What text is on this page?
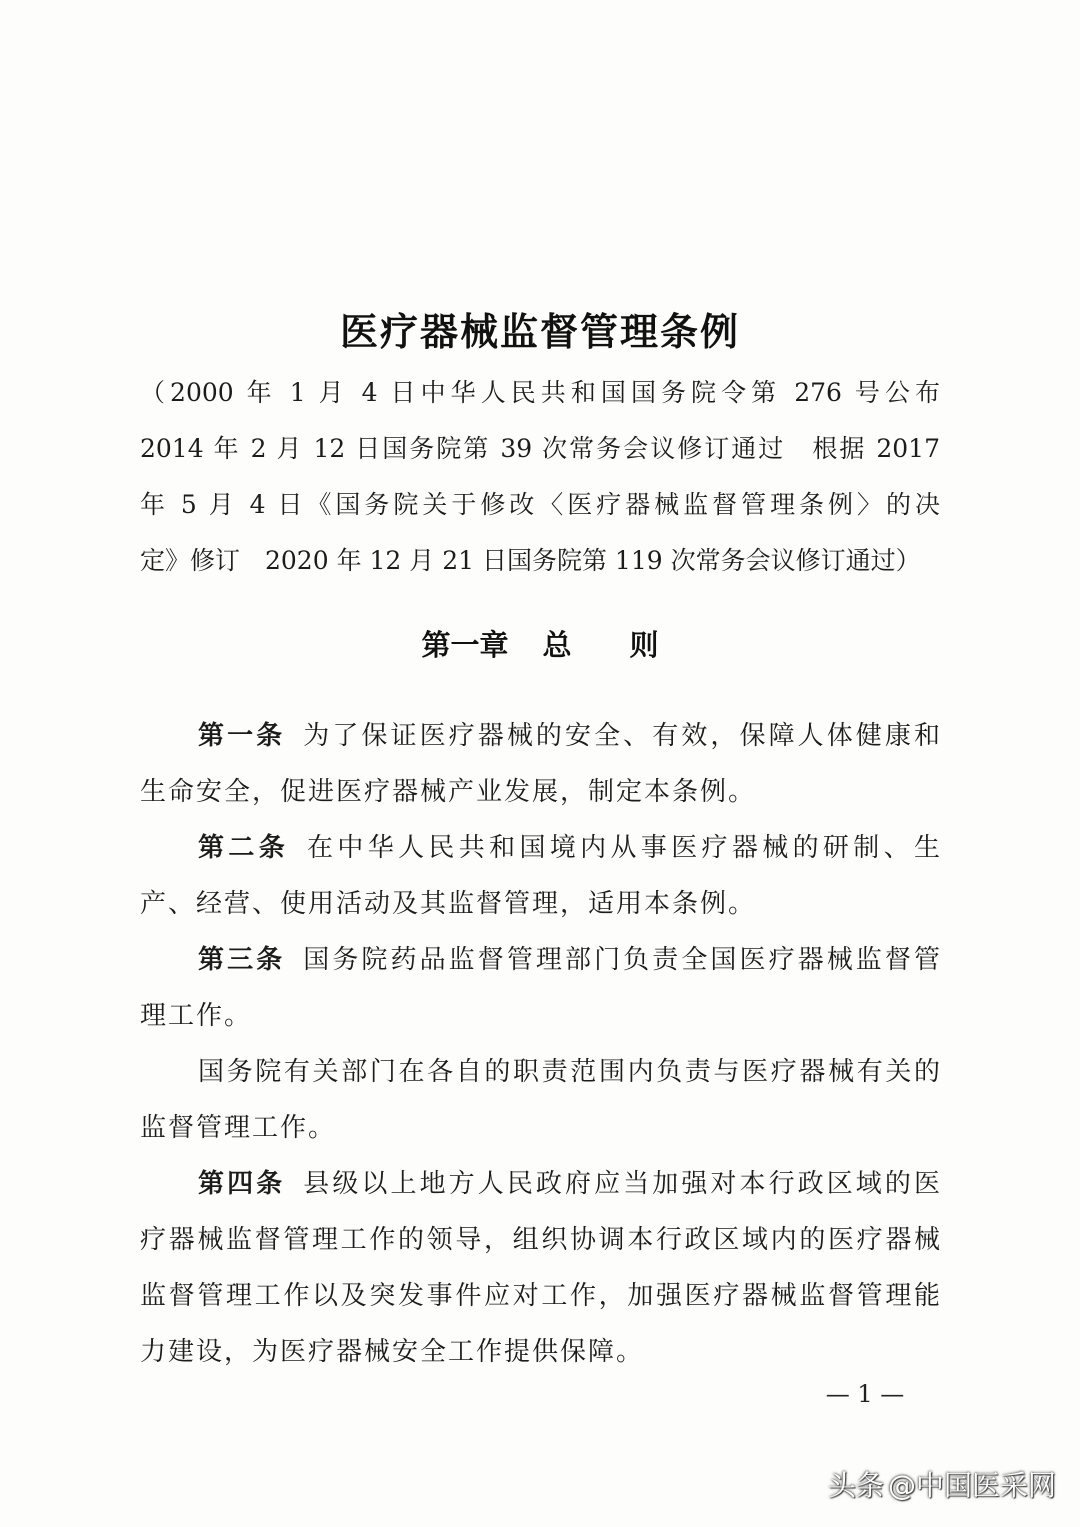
医疗器械监督管理条例
（2000 年 1 月 4 日中华人民共和国国务院令第 276 号公布
2014 年 2 月 12 日国务院第 39 次常务会议修订通过　根据 2017
年 5 月 4 日《国务院关于修改〈医疗器械监督管理条例〉的决
定》修订　2020 年 12 月 21 日国务院第 119 次常务会议修订通过）
第一章 总 则
第一条 为了保证医疗器械的安全、有效，保障人体健康和
生命安全，促进医疗器械产业发展，制定本条例。
第二条 在中华人民共和国境内从事医疗器械的研制、生
产、经营、使用活动及其监督管理，适用本条例。
第三条 国务院药品监督管理部门负责全国医疗器械监督管
理工作。
国务院有关部门在各自的职责范围内负责与医疗器械有关的
监督管理工作。
第四条 县级以上地方人民政府应当加强对本行政区域的医
疗器械监督管理工作的领导，组织协调本行政区域内的医疗器械
监督管理工作以及突发事件应对工作，加强医疗器械监督管理能
力建设，为医疗器械安全工作提供保障。
— 1 —
头条 @中国医采网
